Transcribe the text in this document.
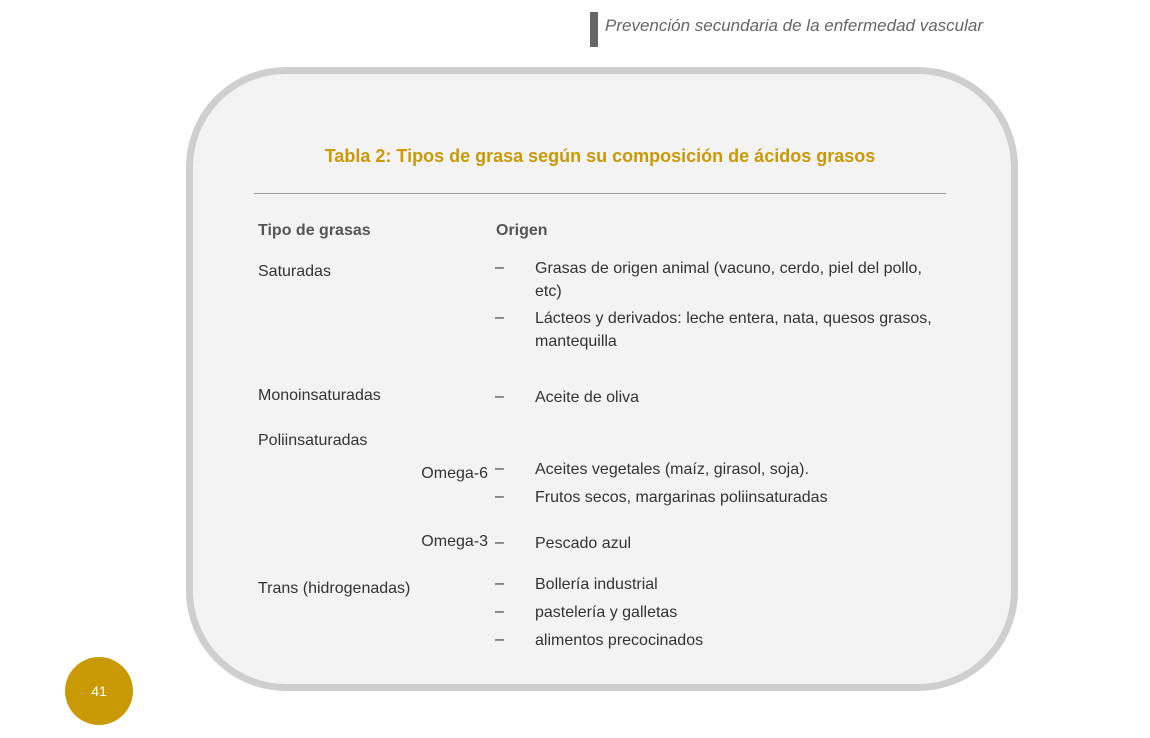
Prevención secundaria de la enfermedad vascular
Tabla 2: Tipos de grasa según su composición de ácidos grasos
Tipo de grasas	Origen
Saturadas	– Grasas de origen animal (vacuno, cerdo, piel del pollo, etc)
– Lácteos y derivados: leche entera, nata, quesos grasos, mantequilla
Monoinsaturadas	– Aceite de oliva
Poliinsaturadas
Omega-6 – Aceites vegetales (maíz, girasol, soja).
– Frutos secos, margarinas poliinsaturadas
Omega-3 – Pescado azul
Trans (hidrogenadas)	– Bollería industrial
– pastelería y galletas
– alimentos precocinados
41
